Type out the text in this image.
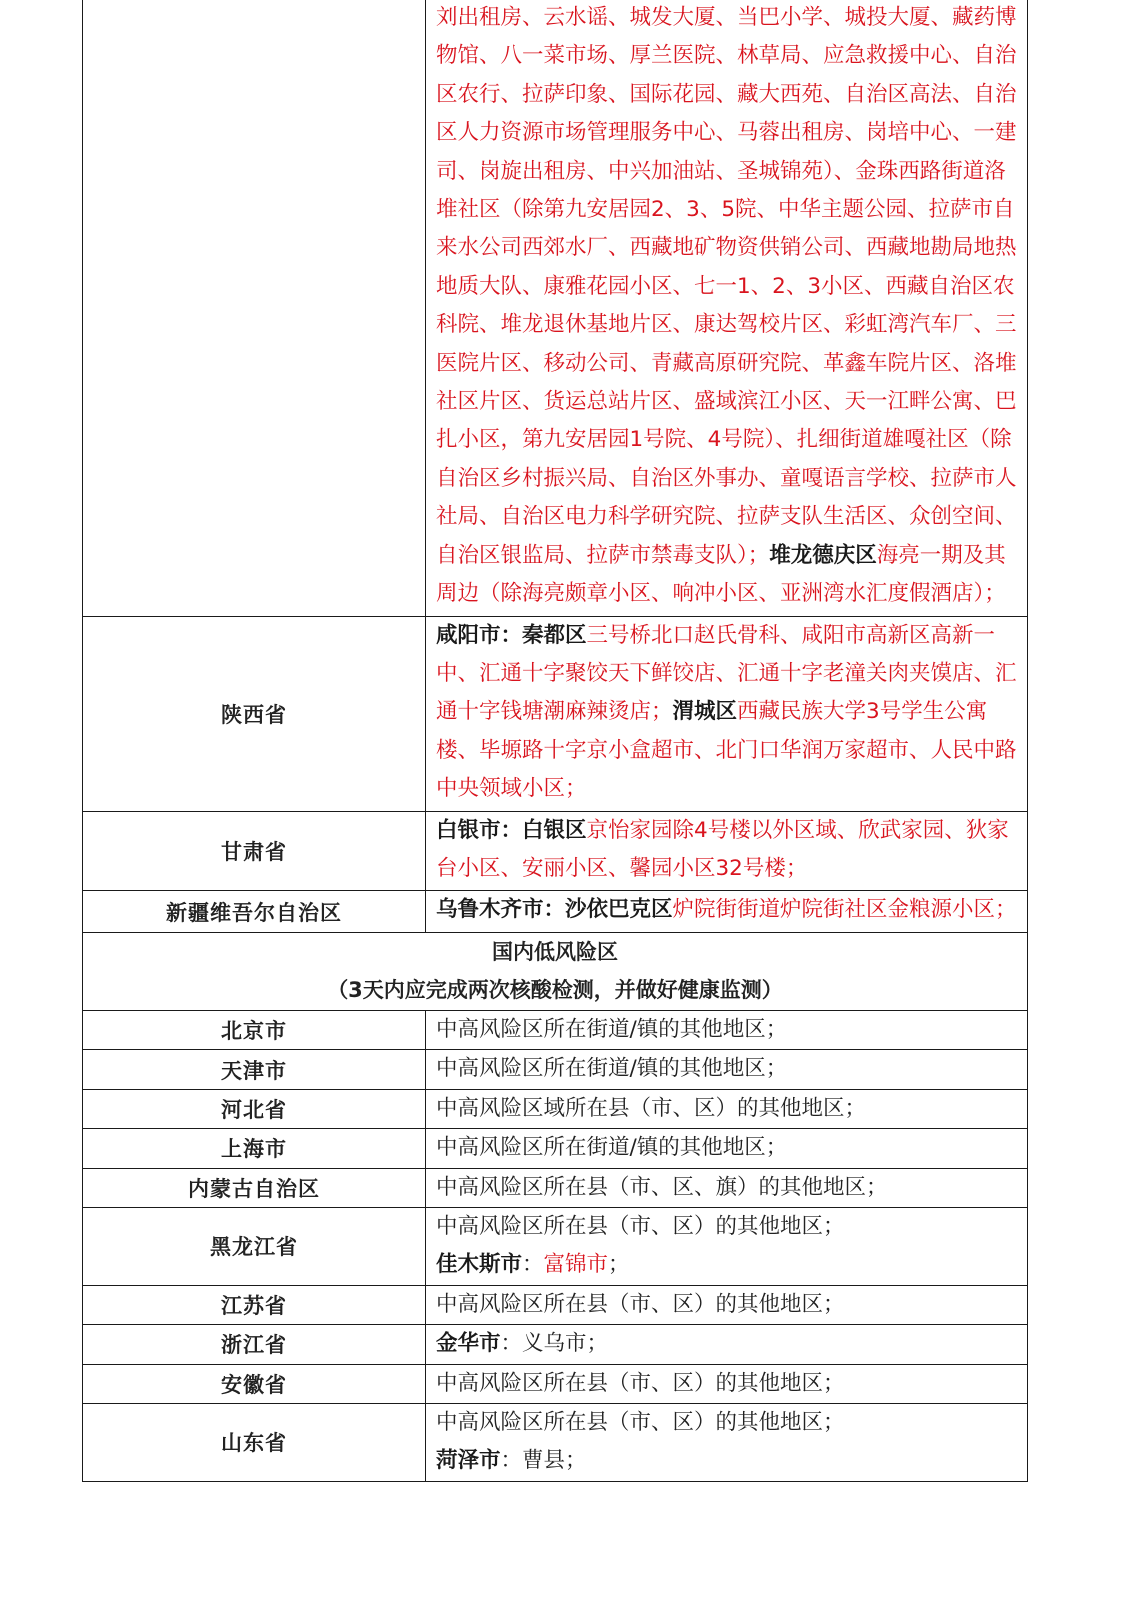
	刘出租房、云水谣、城发大厦、当巴小学、城投大厦、藏药博物馆、八一菜市场、厚兰医院、林草局、应急救援中心、自治区农行、拉萨印象、国际花园、藏大西苑、自治区高法、自治区人力资源市场管理服务中心、马蓉出租房、岗培中心、一建司、岗旋出租房、中兴加油站、圣城锦苑）、金珠西路街道洛堆社区（除第九安居园2、3、5院、中华主题公园、拉萨市自来水公司西郊水厂、西藏地矿物资供销公司、西藏地勘局地热地质大队、康雅花园小区、七一1、2、3小区、西藏自治区农科院、堆龙退休基地片区、康达驾校片区、彩虹湾汽车厂、三医院片区、移动公司、青藏高原研究院、革鑫车院片区、洛堆社区片区、货运总站片区、盛域滨江小区、天一江畔公寓、巴扎小区，第九安居园1号院、4号院）、扎细街道雄嘎社区（除自治区乡村振兴局、自治区外事办、童嘎语言学校、拉萨市人社局、自治区电力科学研究院、拉萨支队生活区、众创空间、自治区银监局、拉萨市禁毒支队）；堆龙德庆区海亮一期及其周边（除海亮颇章小区、响冲小区、亚洲湾水汇度假酒店）；
陕西省	咸阳市：秦都区三号桥北口赵氏骨科、咸阳市高新区高新一中、汇通十字聚饺天下鲜饺店、汇通十字老潼关肉夹馍店、汇通十字钱塘潮麻辣烫店；渭城区西藏民族大学3号学生公寓楼、毕塬路十字京小盒超市、北门口华润万家超市、人民中路中央领域小区；
甘肃省	白银市：白银区京怡家园除4号楼以外区域、欣武家园、狄家台小区、安丽小区、馨园小区32号楼；
新疆维吾尔自治区	乌鲁木齐市：沙依巴克区炉院街街道炉院街社区金粮源小区；

国内低风险区
（3天内应完成两次核酸检测，并做好健康监测）	

北京市	中高风险区所在街道/镇的其他地区；

天津市	中高风险区所在街道/镇的其他地区；

河北省	中高风险区域所在县（市、区）的其他地区；

上海市	中高风险区所在街道/镇的其他地区；

内蒙古自治区	中高风险区所在县（市、区、旗）的其他地区；

黑龙江省	中高风险区所在县（市、区）的其他地区；
佳木斯市：富锦市；

江苏省	中高风险区所在县（市、区）的其他地区；

浙江省	金华市：义乌市；

安徽省	中高风险区所在县（市、区）的其他地区；

山东省	中高风险区所在县（市、区）的其他地区；
菏泽市：曹县；
